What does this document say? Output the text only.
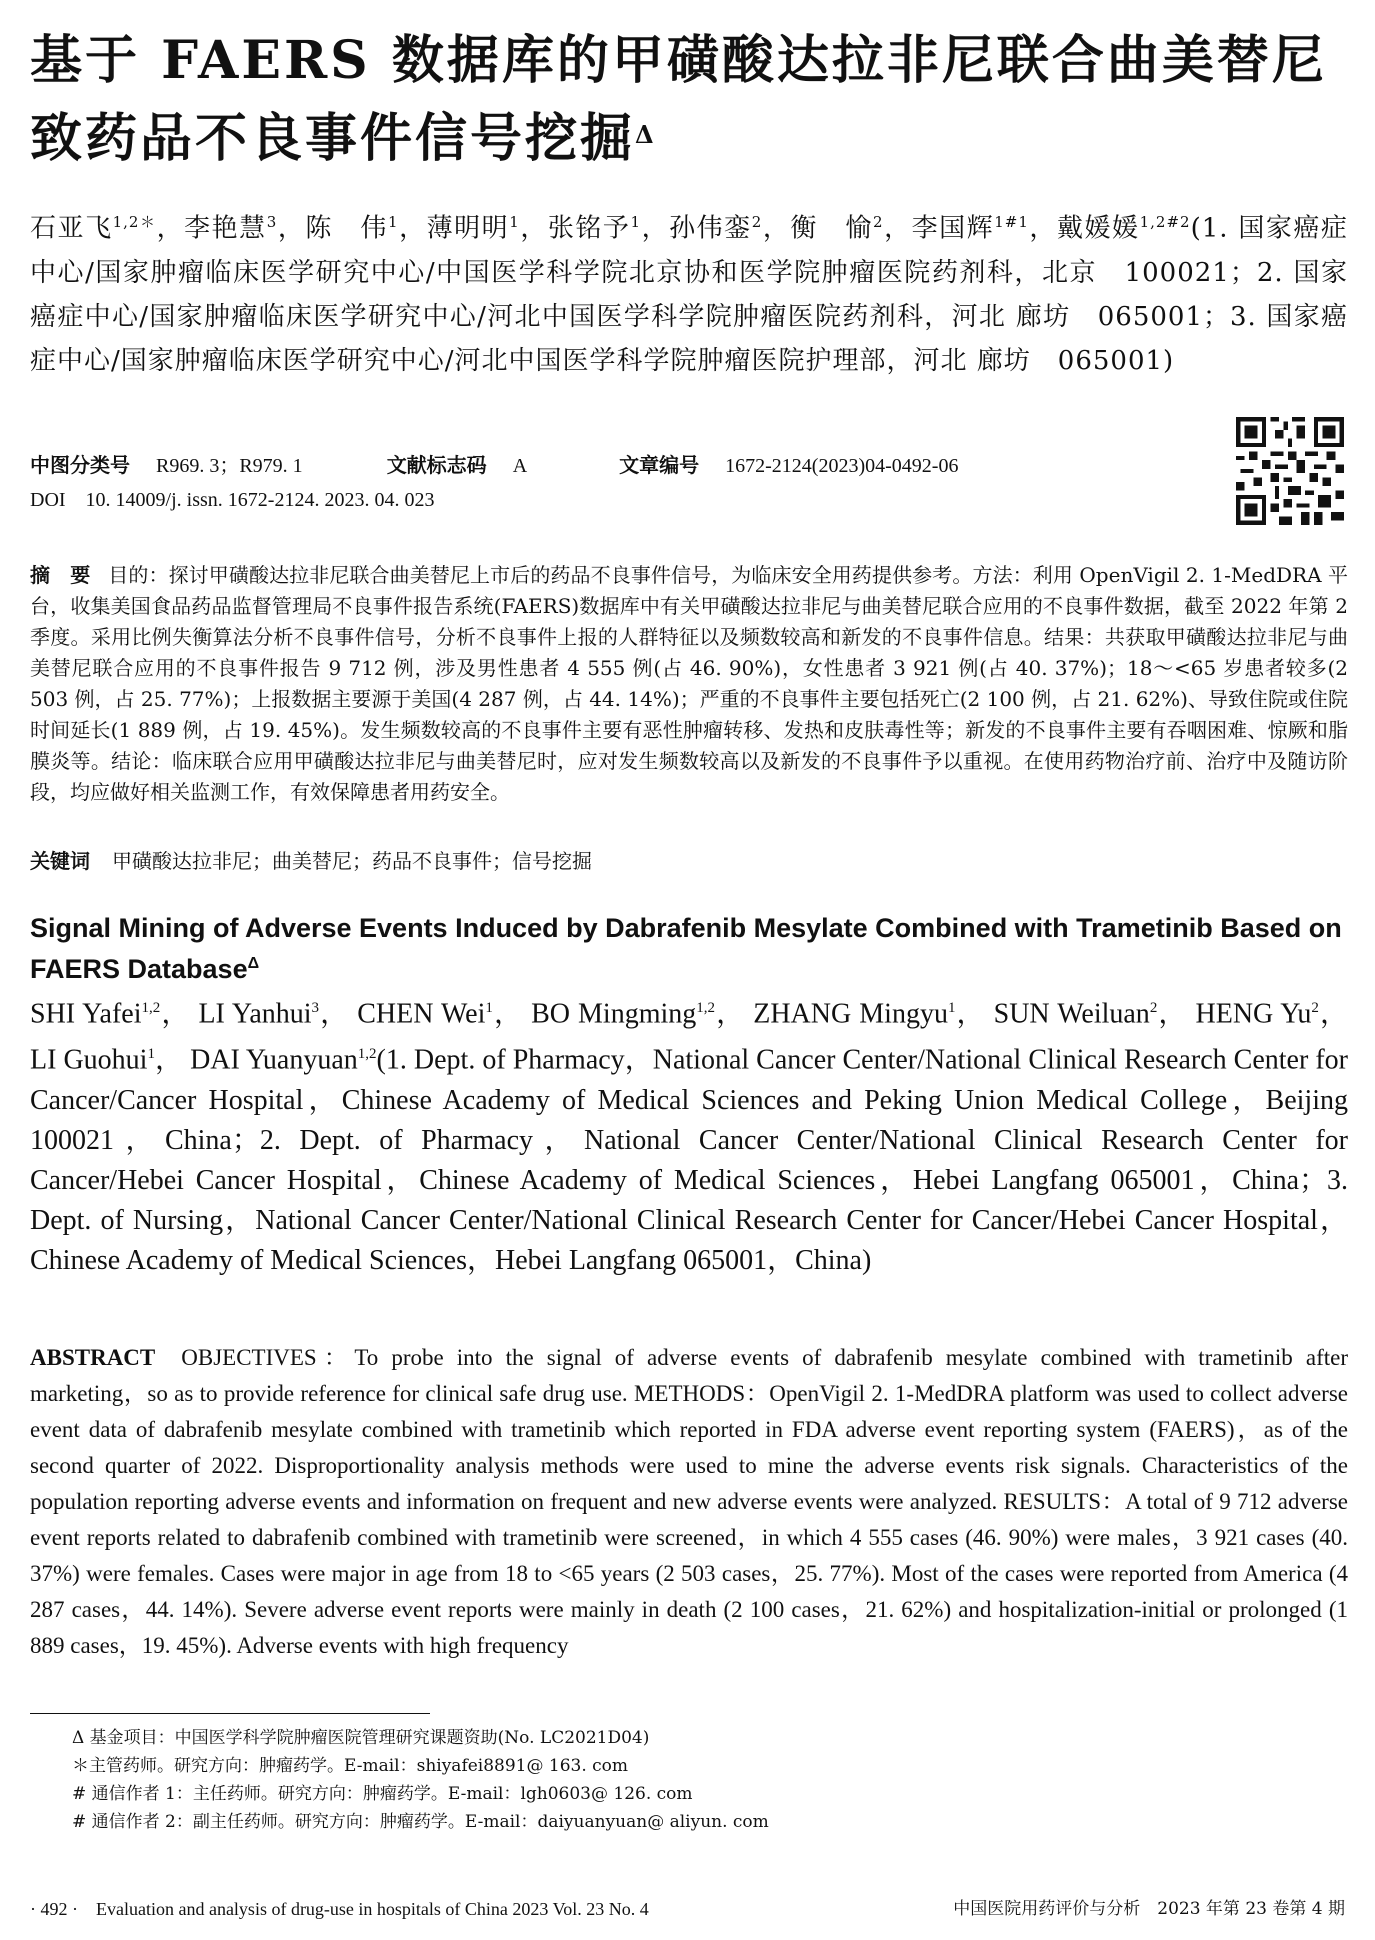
基于 FAERS 数据库的甲磺酸达拉非尼联合曲美替尼
致药品不良事件信号挖掘$^\Delta$
石亚飞$^{1,2*}$，李艳慧$^3$，陈　伟$^1$，薄明明$^1$，张铭予$^1$，孙伟銮$^2$，衡　愉$^2$，李国辉$^{1\#1}$，戴媛媛$^{1,2\#2}$(1. 国家癌症中心/国家肿瘤临床医学研究中心/中国医学科学院北京协和医学院肿瘤医院药剂科，北京　100021；2. 国家癌症中心/国家肿瘤临床医学研究中心/河北中国医学科学院肿瘤医院药剂科，河北 廊坊　065001；3. 国家癌症中心/国家肿瘤临床医学研究中心/河北中国医学科学院肿瘤医院护理部，河北 廊坊　065001)
中图分类号 R969. 3；R979. 1	文献标志码 A	文章编号 1672-2124(2023)04-0492-06
DOI 10. 14009/j. issn. 1672-2124. 2023. 04. 023
摘　要 目的：探讨甲磺酸达拉非尼联合曲美替尼上市后的药品不良事件信号，为临床安全用药提供参考。方法：利用 OpenVigil 2. 1-MedDRA 平台，收集美国食品药品监督管理局不良事件报告系统(FAERS)数据库中有关甲磺酸达拉非尼与曲美替尼联合应用的不良事件数据，截至 2022 年第 2 季度。采用比例失衡算法分析不良事件信号，分析不良事件上报的人群特征以及频数较高和新发的不良事件信息。结果：共获取甲磺酸达拉非尼与曲美替尼联合应用的不良事件报告 9 712 例，涉及男性患者 4 555 例(占 46. 90%)，女性患者 3 921 例(占 40. 37%)；18～<65 岁患者较多(2 503 例，占 25. 77%)；上报数据主要源于美国(4 287 例，占 44. 14%)；严重的不良事件主要包括死亡(2 100 例，占 21. 62%)、导致住院或住院时间延长(1 889 例，占 19. 45%)。发生频数较高的不良事件主要有恶性肿瘤转移、发热和皮肤毒性等；新发的不良事件主要有吞咽困难、惊厥和脂膜炎等。结论：临床联合应用甲磺酸达拉非尼与曲美替尼时，应对发生频数较高以及新发的不良事件予以重视。在使用药物治疗前、治疗中及随访阶段，均应做好相关监测工作，有效保障患者用药安全。
关键词 甲磺酸达拉非尼；曲美替尼；药品不良事件；信号挖掘
Signal Mining of Adverse Events Induced by Dabrafenib Mesylate Combined with Trametinib Based on FAERS Database$^\Delta$
SHI Yafei$^{1,2}$， LI Yanhui$^3$， CHEN Wei$^1$， BO Mingming$^{1,2}$， ZHANG Mingyu$^1$， SUN Weiluan$^2$， HENG Yu$^2$， LI Guohui$^1$， DAI Yuanyuan$^{1,2}$(1. Dept. of Pharmacy，National Cancer Center/National Clinical Research Center for Cancer/Cancer Hospital，Chinese Academy of Medical Sciences and Peking Union Medical College，Beijing 100021，China；2. Dept. of Pharmacy，National Cancer Center/National Clinical Research Center for Cancer/Hebei Cancer Hospital，Chinese Academy of Medical Sciences，Hebei Langfang 065001，China；3. Dept. of Nursing，National Cancer Center/National Clinical Research Center for Cancer/Hebei Cancer Hospital，Chinese Academy of Medical Sciences，Hebei Langfang 065001，China)
ABSTRACT OBJECTIVES：To probe into the signal of adverse events of dabrafenib mesylate combined with trametinib after marketing，so as to provide reference for clinical safe drug use. METHODS：OpenVigil 2. 1-MedDRA platform was used to collect adverse event data of dabrafenib mesylate combined with trametinib which reported in FDA adverse event reporting system (FAERS)，as of the second quarter of 2022. Disproportionality analysis methods were used to mine the adverse events risk signals. Characteristics of the population reporting adverse events and information on frequent and new adverse events were analyzed. RESULTS：A total of 9 712 adverse event reports related to dabrafenib combined with trametinib were screened，in which 4 555 cases (46. 90%) were males，3 921 cases (40. 37%) were females. Cases were major in age from 18 to <65 years (2 503 cases，25. 77%). Most of the cases were reported from America (4 287 cases，44. 14%). Severe adverse event reports were mainly in death (2 100 cases，21. 62%) and hospitalization-initial or prolonged (1 889 cases，19. 45%). Adverse events with high frequency
Δ 基金项目：中国医学科学院肿瘤医院管理研究课题资助(No. LC2021D04)
＊主管药师。研究方向：肿瘤药学。E-mail：shiyafei8891@ 163. com
# 通信作者 1：主任药师。研究方向：肿瘤药学。E-mail：lgh0603@ 126. com
# 通信作者 2：副主任药师。研究方向：肿瘤药学。E-mail：daiyuanyuan@ aliyun. com
· 492 ·　Evaluation and analysis of drug-use in hospitals of China 2023 Vol. 23 No. 4	中国医院用药评价与分析　2023 年第 23 卷第 4 期
